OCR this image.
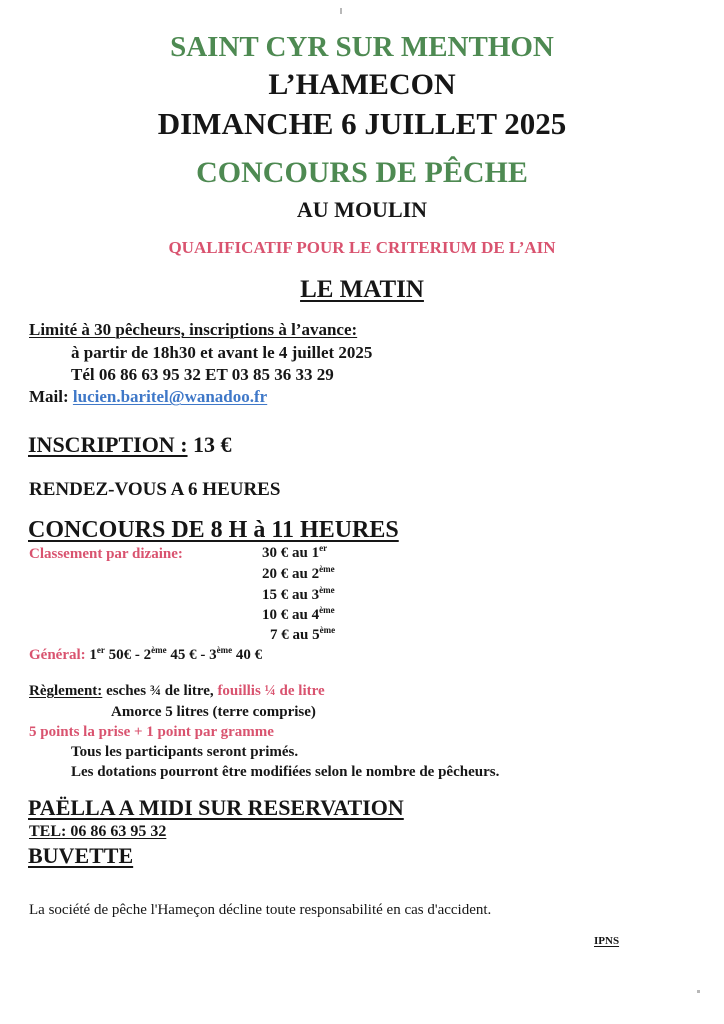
SAINT CYR SUR MENTHON
L’HAMECON
DIMANCHE 6 JUILLET 2025
CONCOURS DE PÊCHE
AU MOULIN
QUALIFICATIF POUR LE CRITERIUM DE L’AIN
LE MATIN
Limité à 30 pêcheurs, inscriptions à l’avance:
à partir de 18h30 et avant le 4 juillet 2025
Tél 06 86 63 95 32 ET 03 85 36 33 29
Mail: lucien.baritel@wanadoo.fr
INSCRIPTION : 13 €
RENDEZ-VOUS A 6 HEURES
CONCOURS DE 8 H à 11 HEURES
Classement par dizaine:	30 € au 1er
20 € au 2ème
15 € au 3ème
10 € au 4ème
7 € au 5ème
Général: 1er 50€ - 2ème 45 € - 3ème 40 €
Règlement: esches ¾ de litre, fouillis ¼ de litre
Amorce 5 litres (terre comprise)
5 points la prise + 1 point par gramme
Tous les participants seront primés.
Les dotations pourront être modifiées selon le nombre de pêcheurs.
PAËLLA A MIDI SUR RESERVATION
TEL: 06 86 63 95 32
BUVETTE
La société de pêche l'Hameçon décline toute responsabilité en cas d'accident.
IPNS
